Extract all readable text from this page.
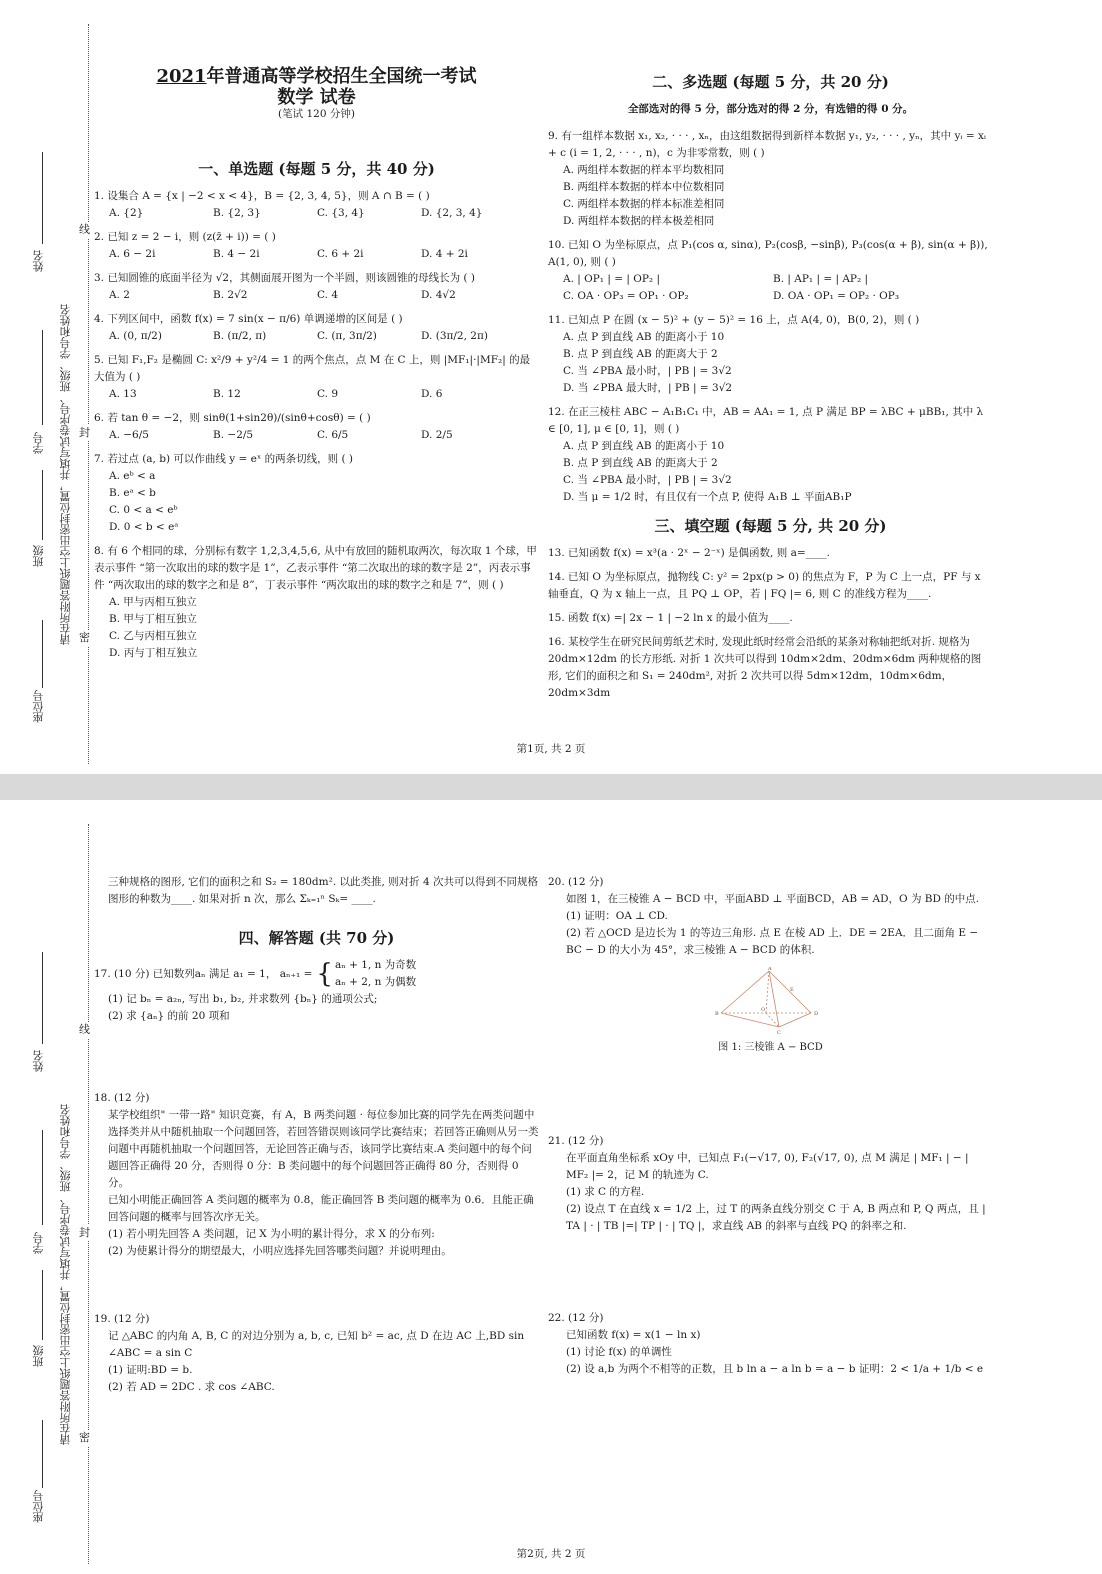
线
封
密
请在所附答题纸上空出密封位置，并填写试卷序号、班级、学号和姓名
姓名
学号
班级
座位号
2021年普通高等学校招生全国统一考试
数学 试卷
(笔试 120 分钟)
一、单选题 (每题 5 分，共 40 分)
1. 设集合 A = {x | −2 < x < 4}，B = {2, 3, 4, 5}，则 A ∩ B = ( )
A. {2}	B. {2, 3}	C. {3, 4}	D. {2, 3, 4}
2. 已知 z = 2 − i，则 (z(z̄ + i)) = ( )
A. 6 − 2i	B. 4 − 2i	C. 6 + 2i	D. 4 + 2i
3. 已知圆锥的底面半径为 √2，其侧面展开图为一个半圆，则该圆锥的母线长为 ( )
A. 2	B. 2√2	C. 4	D. 4√2
4. 下列区间中，函数 f(x) = 7 sin(x − π/6) 单调递增的区间是 ( )
A. (0, π/2)	B. (π/2, π)	C. (π, 3π/2)	D. (3π/2, 2π)
5. 已知 F₁,F₂ 是椭圆 C: x²/9 + y²/4 = 1 的两个焦点，点 M 在 C 上，则 |MF₁|·|MF₂| 的最大值为 ( )
A. 13	B. 12	C. 9	D. 6
6. 若 tan θ = −2，则 sinθ(1+sin2θ)/(sinθ+cosθ) = ( )
A. −6/5	B. −2/5	C. 6/5	D. 2/5
7. 若过点 (a, b) 可以作曲线 y = eˣ 的两条切线，则 ( )
A. eᵇ < a
B. eᵃ < b
C. 0 < a < eᵇ
D. 0 < b < eᵃ
8. 有 6 个相同的球，分别标有数字 1,2,3,4,5,6, 从中有放回的随机取两次，每次取 1 个球，甲表示事件 “第一次取出的球的数字是 1”，乙表示事件 “第二次取出的球的数字是 2”，丙表示事件 “两次取出的球的数字之和是 8”，丁表示事件 “两次取出的球的数字之和是 7”，则 ( )
A. 甲与丙相互独立
B. 甲与丁相互独立
C. 乙与丙相互独立
D. 丙与丁相互独立
二、多选题 (每题 5 分，共 20 分)
全部选对的得 5 分，部分选对的得 2 分，有选错的得 0 分。
9. 有一组样本数据 x₁, x₂, · · · , xₙ，由这组数据得到新样本数据 y₁, y₂, · · · , yₙ，其中 yᵢ = xᵢ + c (i = 1, 2, · · · , n)，c 为非零常数，则 ( )
A. 两组样本数据的样本平均数相同
B. 两组样本数据的样本中位数相同
C. 两组样本数据的样本标准差相同
D. 两组样本数据的样本极差相同
10. 已知 O 为坐标原点，点 P₁(cos α, sinα), P₂(cosβ, −sinβ), P₃(cos(α + β), sin(α + β)), A(1, 0), 则 ( )
A. | OP₁ | = | OP₂ |	B. | AP₁ | = | AP₂ |
C. OA · OP₃ = OP₁ · OP₂	D. OA · OP₁ = OP₂ · OP₃
11. 已知点 P 在圆 (x − 5)² + (y − 5)² = 16 上，点 A(4, 0)，B(0, 2)，则 ( )
A. 点 P 到直线 AB 的距离小于 10
B. 点 P 到直线 AB 的距离大于 2
C. 当 ∠PBA 最小时，| PB | = 3√2
D. 当 ∠PBA 最大时，| PB | = 3√2
12. 在正三棱柱 ABC − A₁B₁C₁ 中，AB = AA₁ = 1, 点 P 满足 BP = λBC + μBB₁, 其中 λ ∈ [0, 1], μ ∈ [0, 1]，则 ( )
A. 点 P 到直线 AB 的距离小于 10
B. 点 P 到直线 AB 的距离大于 2
C. 当 ∠PBA 最小时，| PB | = 3√2
D. 当 μ = 1/2 时，有且仅有一个点 P, 使得 A₁B ⊥ 平面AB₁P
三、填空题 (每题 5 分, 共 20 分)
13. 已知函数 f(x) = x³(a · 2ˣ − 2⁻ˣ) 是偶函数, 则 a=____.
14. 已知 O 为坐标原点，抛物线 C: y² = 2px(p > 0) 的焦点为 F，P 为 C 上一点，PF 与 x 轴垂直，Q 为 x 轴上一点，且 PQ ⊥ OP，若 | FQ |= 6, 则 C 的准线方程为____.
15. 函数 f(x) =| 2x − 1 | −2 ln x 的最小值为____.
16. 某校学生在研究民间剪纸艺术时, 发现此纸时经常会沿纸的某条对称轴把纸对折. 规格为 20dm×12dm 的长方形纸. 对折 1 次共可以得到 10dm×2dm、20dm×6dm 两种规格的图形, 它们的面积之和 S₁ = 240dm², 对折 2 次共可以得 5dm×12dm，10dm×6dm，20dm×3dm
第1页, 共 2 页
线
封
密
请在所附答题纸上空出密封位置，并填写试卷序号、班级、学号和姓名
姓名
学号
班级
座位号
三种规格的图形, 它们的面积之和 S₂ = 180dm². 以此类推, 则对折 4 次共可以得到不同规格图形的种数为____. 如果对折 n 次，那么 Σₖ₌₁ⁿ Sₖ= ____.
四、解答题 (共 70 分)
17. (10 分) 已知数列aₙ 满足 a₁ = 1， aₙ₊₁ = { aₙ + 1, n 为奇数
aₙ + 2, n 为偶数
(1) 记 bₙ = a₂ₙ, 写出 b₁, b₂, 并求数列 {bₙ} 的通项公式;
(2) 求 {aₙ} 的前 20 项和
18. (12 分)
某学校组织" 一带一路" 知识竞赛，有 A，B 两类问题 · 每位参加比赛的同学先在两类问题中选择类并从中随机抽取一个问题回答，若回答错误则该同学比赛结束；若回答正确则从另一类问题中再随机抽取一个问题回答，无论回答正确与否，该同学比赛结束.A 类问题中的每个问题回答正确得 20 分，否则得 0 分：B 类问题中的每个问题回答正确得 80 分，否则得 0 分。
已知小明能正确回答 A 类问题的概率为 0.8，能正确回答 B 类问题的概率为 0.6．且能正确回答问题的概率与回答次序无关。
(1) 若小明先回答 A 类问题，记 X 为小明的累计得分，求 X 的分布列:
(2) 为使累计得分的期望最大，小明应选择先回答哪类问题？并说明理由。
19. (12 分)
记 △ABC 的内角 A, B, C 的对边分别为 a, b, c, 已知 b² = ac, 点 D 在边 AC 上,BD sin ∠ABC = a sin C
(1) 证明:BD = b.
(2) 若 AD = 2DC . 求 cos ∠ABC.
20. (12 分)
如图 1，在三棱锥 A − BCD 中，平面ABD ⊥ 平面BCD，AB = AD，O 为 BD 的中点.
(1) 证明：OA ⊥ CD.
(2) 若 △OCD 是边长为 1 的等边三角形. 点 E 在棱 AD 上．DE = 2EA．且二面角 E − BC − D 的大小为 45°，求三棱锥 A − BCD 的体积.
A
B
C
D
O
E
图 1: 三棱锥 A − BCD
21. (12 分)
在平面直角坐标系 xOy 中，已知点 F₁(−√17, 0), F₂(√17, 0), 点 M 满足 | MF₁ | − | MF₂ |= 2，记 M 的轨迹为 C.
(1) 求 C 的方程.
(2) 设点 T 在直线 x = 1/2 上，过 T 的两条直线分别交 C 于 A, B 两点和 P, Q 两点，且 | TA | · | TB |=| TP | · | TQ |，求直线 AB 的斜率与直线 PQ 的斜率之和.
22. (12 分)
已知函数 f(x) = x(1 − ln x)
(1) 讨论 f(x) 的单调性
(2) 设 a,b 为两个不相等的正数，且 b ln a − a ln b = a − b 证明：2 < 1/a + 1/b < e
第2页, 共 2 页
